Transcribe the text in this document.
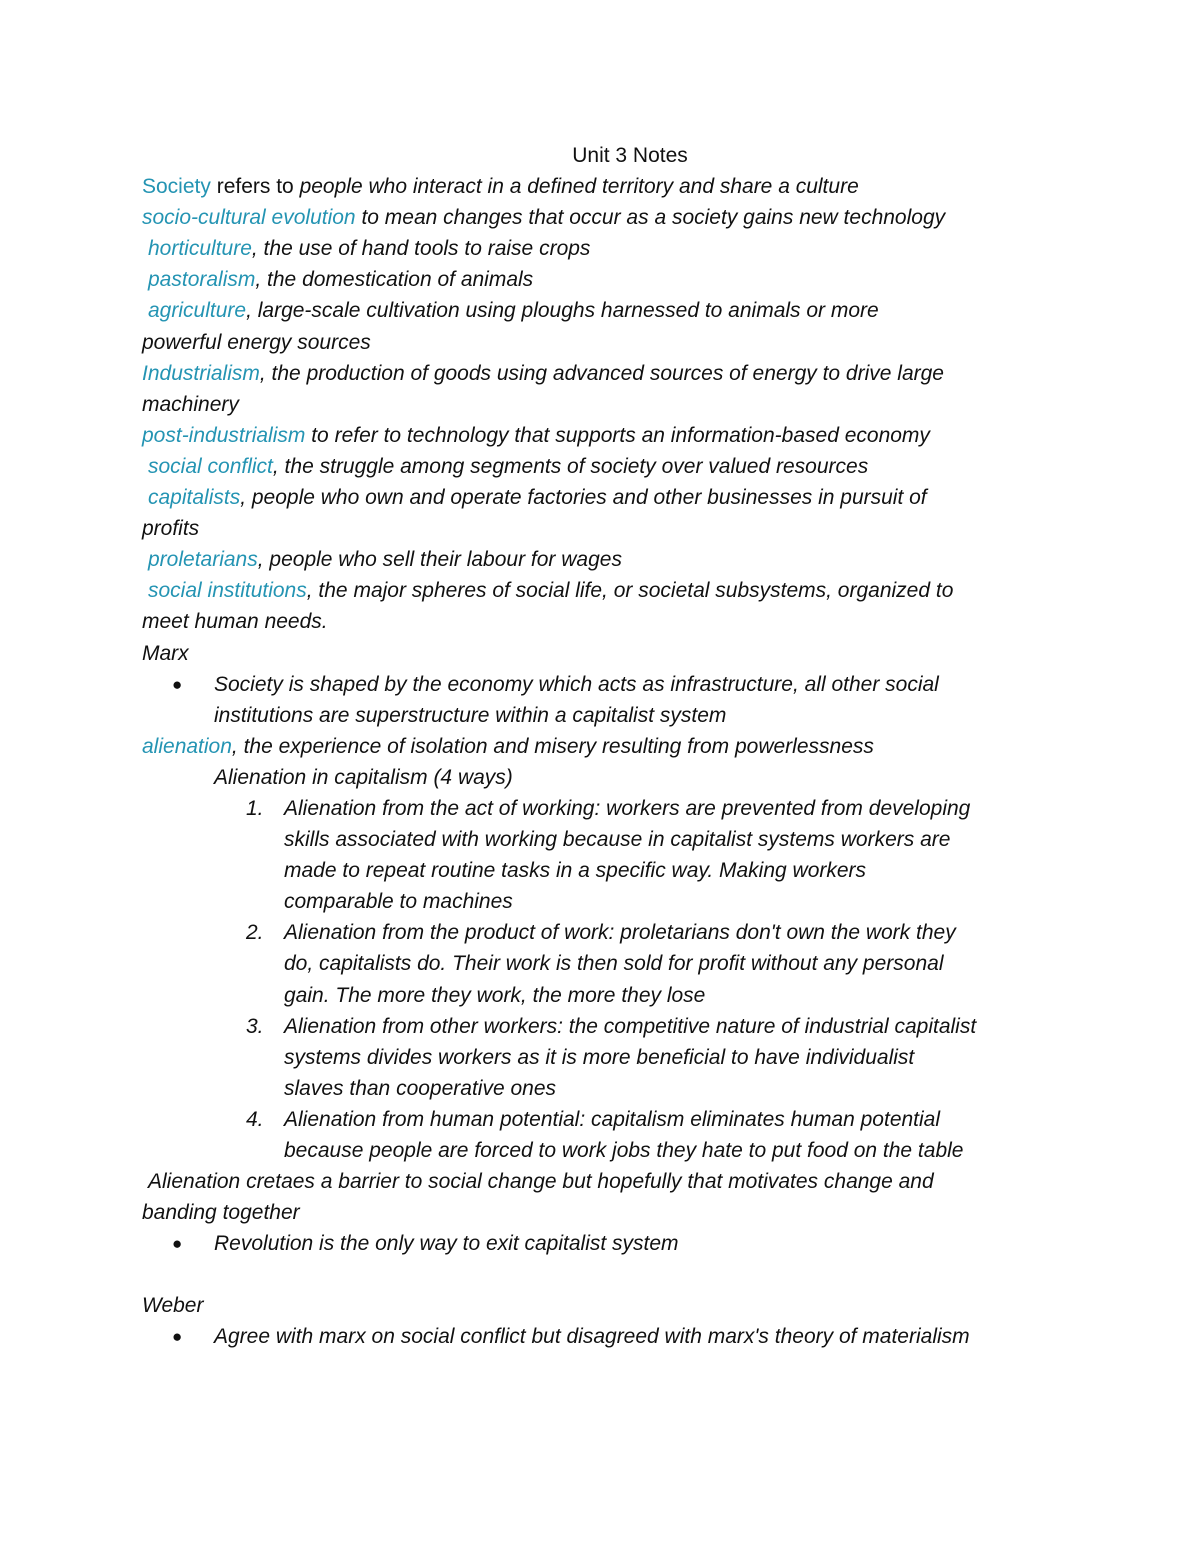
Unit 3 Notes
Society refers to people who interact in a defined territory and share a culture
socio-cultural evolution to mean changes that occur as a society gains new technology
horticulture, the use of hand tools to raise crops
pastoralism, the domestication of animals
agriculture, large-scale cultivation using ploughs harnessed to animals or more
powerful energy sources
Industrialism, the production of goods using advanced sources of energy to drive large
machinery
post-industrialism to refer to technology that supports an information-based economy
social conflict, the struggle among segments of society over valued resources
capitalists, people who own and operate factories and other businesses in pursuit of
profits
proletarians, people who sell their labour for wages
social institutions, the major spheres of social life, or societal subsystems, organized to
meet human needs.
Marx
● Society is shaped by the economy which acts as infrastructure, all other social
institutions are superstructure within a capitalist system
alienation, the experience of isolation and misery resulting from powerlessness
Alienation in capitalism (4 ways)
1. Alienation from the act of working: workers are prevented from developing
skills associated with working because in capitalist systems workers are
made to repeat routine tasks in a specific way. Making workers
comparable to machines
2. Alienation from the product of work: proletarians don't own the work they
do, capitalists do. Their work is then sold for profit without any personal
gain. The more they work, the more they lose
3. Alienation from other workers: the competitive nature of industrial capitalist
systems divides workers as it is more beneficial to have individualist
slaves than cooperative ones
4. Alienation from human potential: capitalism eliminates human potential
because people are forced to work jobs they hate to put food on the table
Alienation cretaes a barrier to social change but hopefully that motivates change and
banding together
● Revolution is the only way to exit capitalist system
Weber
● Agree with marx on social conflict but disagreed with marx's theory of materialism
